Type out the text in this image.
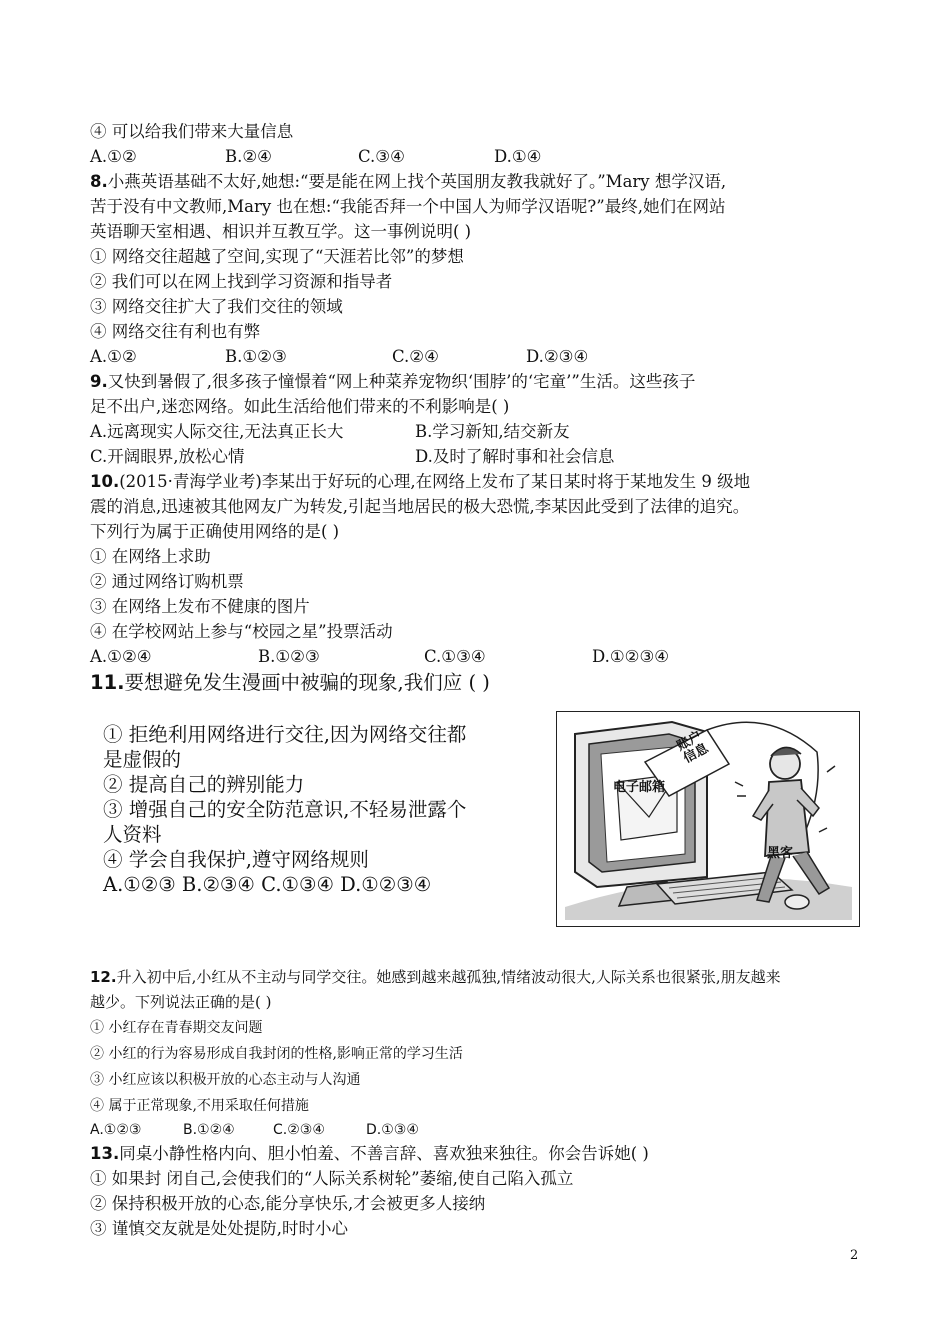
④ 可以给我们带来大量信息
A.①②	B.②④	C.③④	D.①④
8.小燕英语基础不太好,她想:“要是能在网上找个英国朋友教我就好了。”Mary 想学汉语,
苦于没有中文教师,Mary 也在想:“我能否拜一个中国人为师学汉语呢?”最终,她们在网站
英语聊天室相遇、相识并互教互学。这一事例说明( )
① 网络交往超越了空间,实现了“天涯若比邻”的梦想
② 我们可以在网上找到学习资源和指导者
③ 网络交往扩大了我们交往的领域
④ 网络交往有利也有弊
A.①②	B.①②③	C.②④	D.②③④
9.又快到暑假了,很多孩子憧憬着“网上种菜养宠物织‘围脖’的‘宅童’”生活。这些孩子
足不出户,迷恋网络。如此生活给他们带来的不利影响是( )
A.远离现实人际交往,无法真正长大	B.学习新知,结交新友
C.开阔眼界,放松心情	D.及时了解时事和社会信息
10.(2015·青海学业考)李某出于好玩的心理,在网络上发布了某日某时将于某地发生 9 级地
震的消息,迅速被其他网友广为转发,引起当地居民的极大恐慌,李某因此受到了法律的追究。
下列行为属于正确使用网络的是( )
① 在网络上求助
② 通过网络订购机票
③ 在网络上发布不健康的图片
④ 在学校网站上参与“校园之星”投票活动
A.①②④	B.①②③	C.①③④	D.①②③④
11.要想避免发生漫画中被骗的现象,我们应 ( )
① 拒绝利用网络进行交往,因为网络交往都
是虚假的
② 提高自己的辨别能力
③ 增强自己的安全防范意识,不轻易泄露个
人资料
④ 学会自我保护,遵守网络规则
A.①②③ B.②③④ C.①③④ D.①②③④
账户信息
电子邮箱
黑客
12.升入初中后,小红从不主动与同学交往。她感到越来越孤独,情绪波动很大,人际关系也很紧张,朋友越来
越少。下列说法正确的是( )
① 小红存在青春期交友问题
② 小红的行为容易形成自我封闭的性格,影响正常的学习生活
③ 小红应该以积极开放的心态主动与人沟通
④ 属于正常现象,不用采取任何措施
A.①②③	B.①②④	C.②③④	D.①③④
13.同桌小静性格内向、胆小怕羞、不善言辞、喜欢独来独往。你会告诉她( )
① 如果封 闭自己,会使我们的“人际关系树轮”萎缩,使自己陷入孤立
② 保持积极开放的心态,能分享快乐,才会被更多人接纳
③ 谨慎交友就是处处提防,时时小心
2
